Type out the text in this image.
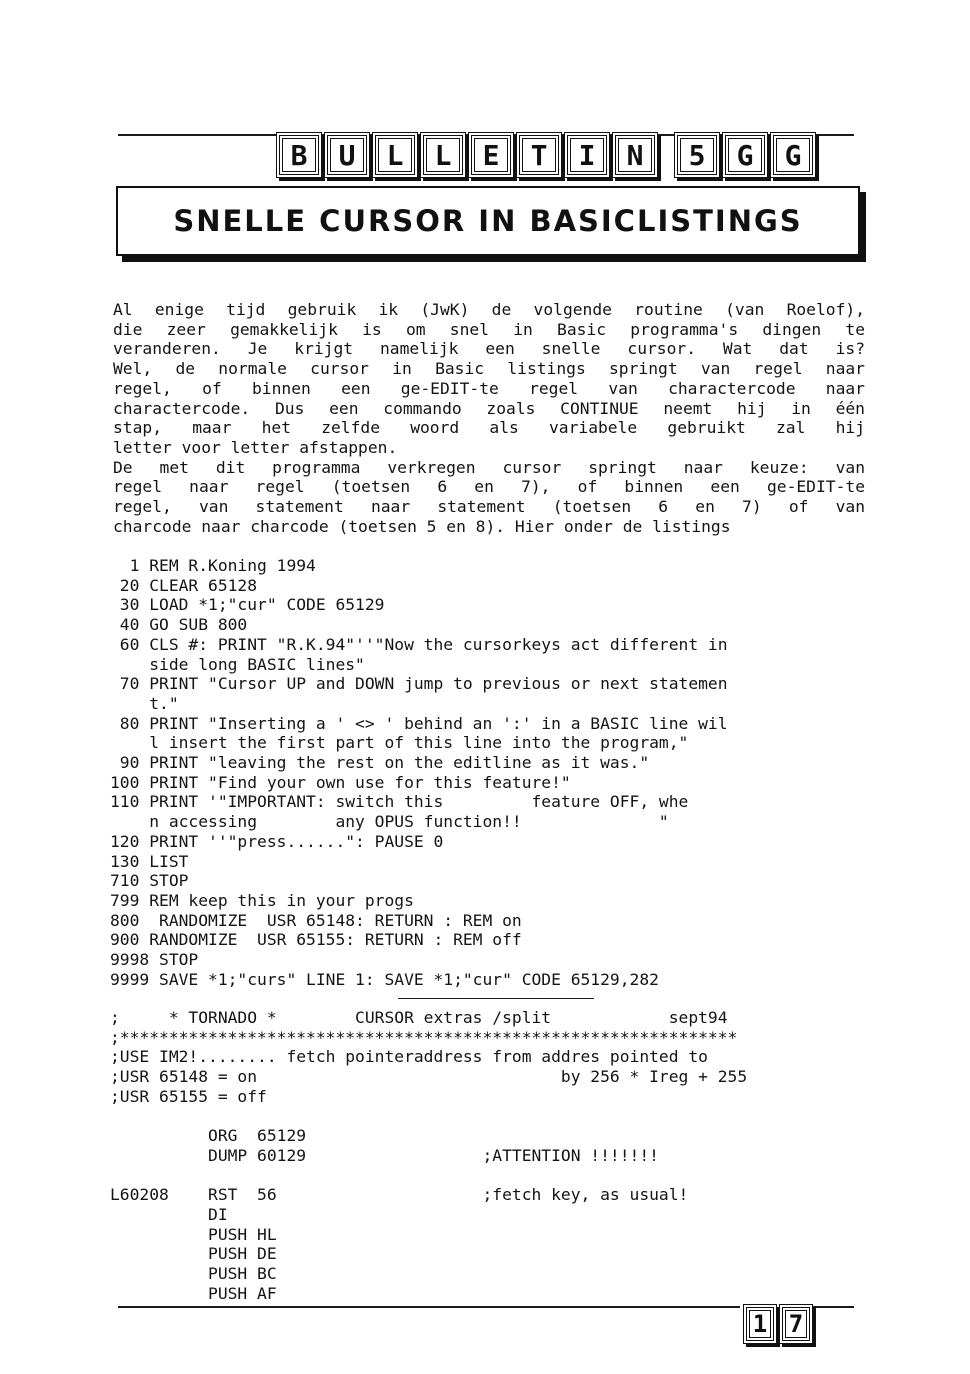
B	U	L	L	E	T	I	N	5	G	G
SNELLE CURSOR IN BASICLISTINGS

Al enige tijd gebruik ik (JwK) de volgende routine (van Roelof),

die zeer gemakkelijk is om snel in Basic programma's dingen te

veranderen. Je krijgt namelijk een snelle cursor. Wat dat is?

Wel, de normale cursor in Basic listings springt van regel naar

regel, of binnen een ge-EDIT-te regel van charactercode naar

charactercode. Dus een commando zoals CONTINUE neemt hij in één

stap, maar het zelfde woord als variabele gebruikt zal hij

letter voor letter afstappen.

De met dit programma verkregen cursor springt naar keuze: van

regel naar regel (toetsen 6 en 7), of binnen een ge-EDIT-te

regel, van statement naar statement (toetsen 6 en 7) of van

charcode naar charcode (toetsen 5 en 8). Hier onder de listings

1 REM R.Koning 1994
20 CLEAR 65128
30 LOAD *1;"cur" CODE 65129
40 GO SUB 800
60 CLS #: PRINT "R.K.94"''"Now the cursorkeys act different in
side long BASIC lines"
70 PRINT "Cursor UP and DOWN jump to previous or next statemen
t."
80 PRINT "Inserting a ' <> ' behind an ':' in a BASIC line wil
l insert the first part of this line into the program,"
90 PRINT "leaving the rest on the editline as it was."
100 PRINT "Find your own use for this feature!"
110 PRINT '"IMPORTANT: switch this         feature OFF, whe
n accessing        any OPUS function!!              "
120 PRINT ''"press......": PAUSE 0
130 LIST
710 STOP
799 REM keep this in your progs
800  RANDOMIZE  USR 65148: RETURN : REM on
900 RANDOMIZE  USR 65155: RETURN : REM off
9998 STOP
9999 SAVE *1;"curs" LINE 1: SAVE *1;"cur" CODE 65129,282
;     * TORNADO *        CURSOR extras /split            sept94
;***************************************************************
;USE IM2!........ fetch pointeraddress from addres pointed to
;USR 65148 = on                               by 256 * Ireg + 255
;USR 65155 = off

ORG  65129
DUMP 60129                  ;ATTENTION !!!!!!!

L60208    RST  56                     ;fetch key, as usual!
DI
PUSH HL
PUSH DE
PUSH BC
PUSH AF
1 7
